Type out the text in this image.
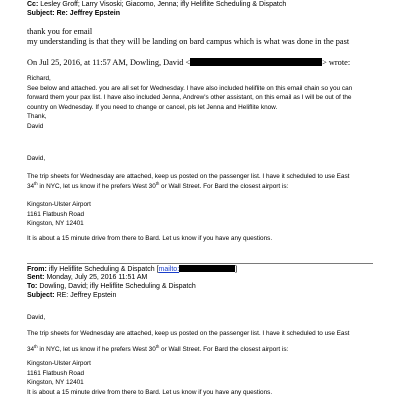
Cc: Lesley Groff; Larry Visoski; Giacomo, Jenna; ifly Heliflite Scheduling & Dispatch
Subject: Re: Jeffrey Epstein
thank you for email
my understanding is that they will be landing on bard campus which is what was done in the past
On Jul 25, 2016, at 11:57 AM, Dowling, David <	> wrote:
Richard,
See below and attached. you are all set for Wednesday. I have also included heliflite on this email chain so you can
forward them your pax list. I have also included Jenna, Andrew's other assistant, on this email as I will be out of the
country on Wednesday. If you need to change or cancel, pls let Jenna and Heliflite know.
Thank,
David
David,
The trip sheets for Wednesday are attached, keep us posted on the passenger list. I have it scheduled to use East
34th in NYC, let us know if he prefers West 30th or Wall Street. For Bard the closest airport is:
Kingston-Ulster Airport
1161 Flatbush Road
Kingston, NY 12401
It is about a 15 minute drive from there to Bard. Let us know if you have any questions.
From: ifly Heliflite Scheduling & Dispatch [mailto:	]
Sent: Monday, July 25, 2016 11:51 AM
To: Dowling, David; ifly Heliflite Scheduling & Dispatch
Subject: RE: Jeffrey Epstein
David,
The trip sheets for Wednesday are attached, keep us posted on the passenger list. I have it scheduled to use East
34th in NYC, let us know if he prefers West 30th or Wall Street. For Bard the closest airport is:
Kingston-Ulster Airport
1161 Flatbush Road
Kingston, NY 12401
It is about a 15 minute drive from there to Bard. Let us know if you have any questions.
